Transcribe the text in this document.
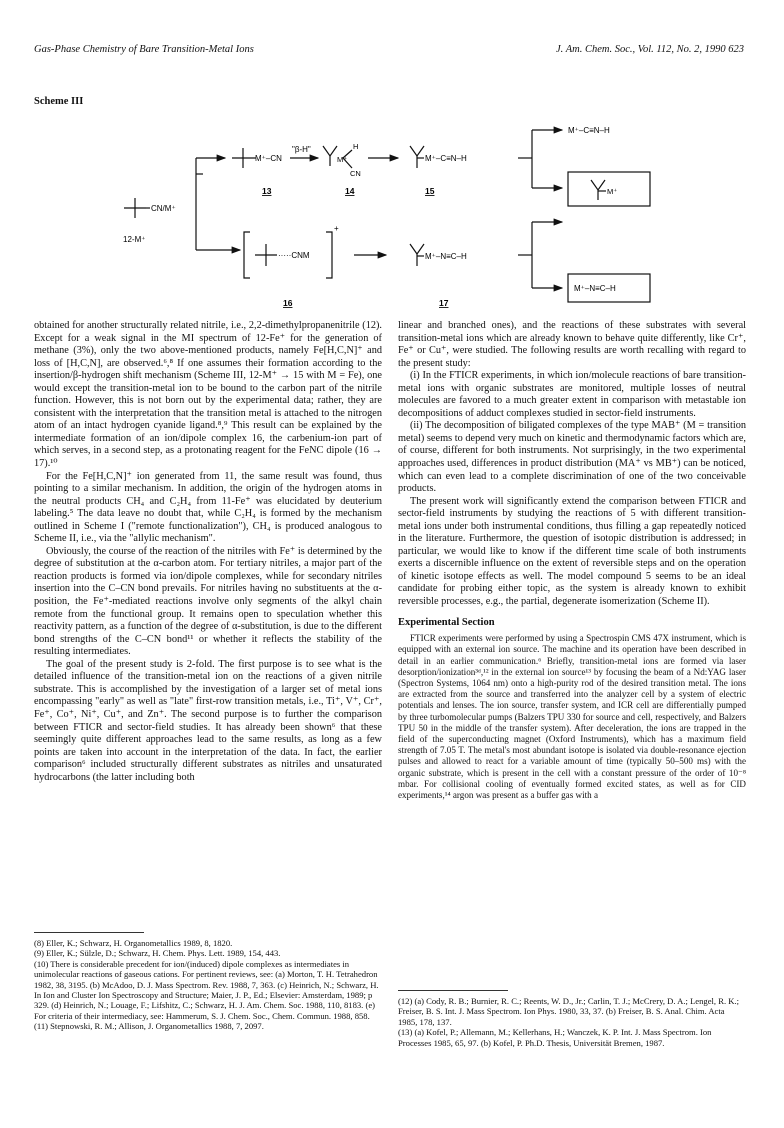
Gas-Phase Chemistry of Bare Transition-Metal Ions	J. Am. Chem. Soc., Vol. 112, No. 2, 1990 623
Scheme III
CN/M⁺
12-M⁺
M⁺–CN
"β-H"
M⁺
H
CN
M⁺–C≡N–H
·····CNM
+
M⁺–N≡C–H
M⁺–C≡N–H
M⁺
M⁺–N≡C–H
13	14	15
16	17

obtained for another structurally related nitrile, i.e., 2,2-dimethylpropanenitrile (12). Except for a weak signal in the MI spectrum of 12-Fe⁺ for the generation of methane (3%), only the two above-mentioned products, namely Fe[H,C,N]⁺ and loss of [H,C,N], are observed.⁶,⁸ If one assumes their formation according to the insertion/β-hydrogen shift mechanism (Scheme III, 12-M⁺ → 15 with M = Fe), one would except the transition-metal ion to be bound to the carbon part of the nitrile function. However, this is not born out by the experimental data; rather, they are consistent with the interpretation that the transition metal is attached to the nitrogen atom of an intact hydrogen cyanide ligand.⁸,⁹ This result can be explained by the intermediate formation of an ion/dipole complex 16, the carbenium-ion part of which serves, in a second step, as a protonating reagent for the FeNC dipole (16 → 17).¹⁰

For the Fe[H,C,N]⁺ ion generated from 11, the same result was found, thus pointing to a similar mechanism. In addition, the origin of the hydrogen atoms in the neutral products CH₄ and C₂H₄ from 11-Fe⁺ was elucidated by deuterium labeling.⁵ The data leave no doubt that, while C₂H₄ is formed by the mechanism outlined in Scheme I ("remote functionalization"), CH₄ is produced analogous to Scheme II, i.e., via the "allylic mechanism".

Obviously, the course of the reaction of the nitriles with Fe⁺ is determined by the degree of substitution at the α-carbon atom. For tertiary nitriles, a major part of the reaction products is formed via ion/dipole complexes, while for secondary nitriles insertion into the C–CN bond prevails. For nitriles having no substituents at the α-position, the Fe⁺-mediated reactions involve only segments of the alkyl chain remote from the functional group. It remains open to speculation whether this reactivity pattern, as a function of the degree of α-substitution, is due to the different bond strengths of the C–CN bond¹¹ or whether it reflects the stability of the resulting intermediates.

The goal of the present study is 2-fold. The first purpose is to see what is the detailed influence of the transition-metal ion on the reactions of a given nitrile substrate. This is accomplished by the investigation of a larger set of metal ions encompassing "early" as well as "late" first-row transition metals, i.e., Ti⁺, V⁺, Cr⁺, Fe⁺, Co⁺, Ni⁺, Cu⁺, and Zn⁺. The second purpose is to further the comparison between FTICR and sector-field studies. It has already been shown⁶ that these seemingly quite different approaches lead to the same results, as long as a few points are taken into account in the interpretation of the data. In fact, the earlier comparison⁶ included structurally different substrates as nitriles and unsaturated hydrocarbons (the latter including both

(8) Eller, K.; Schwarz, H. Organometallics 1989, 8, 1820.

(9) Eller, K.; Sülzle, D.; Schwarz, H. Chem. Phys. Lett. 1989, 154, 443.

(10) There is considerable precedent for ion/(induced) dipole complexes as intermediates in unimolecular reactions of gaseous cations. For pertinent reviews, see: (a) Morton, T. H. Tetrahedron 1982, 38, 3195. (b) McAdoo, D. J. Mass Spectrom. Rev. 1988, 7, 363. (c) Heinrich, N.; Schwarz, H. In Ion and Cluster Ion Spectroscopy and Structure; Maier, J. P., Ed.; Elsevier: Amsterdam, 1989; p 329. (d) Heinrich, N.; Louage, F.; Lifshitz, C.; Schwarz, H. J. Am. Chem. Soc. 1988, 110, 8183. (e) For criteria of their intermediacy, see: Hammerum, S. J. Chem. Soc., Chem. Commun. 1988, 858.

(11) Stepnowski, R. M.; Allison, J. Organometallics 1988, 7, 2097.

linear and branched ones), and the reactions of these substrates with several transition-metal ions which are already known to behave quite differently, like Cr⁺, Fe⁺ or Cu⁺, were studied. The following results are worth recalling with regard to the present study:

(i) In the FTICR experiments, in which ion/molecule reactions of bare transition-metal ions with organic substrates are monitored, multiple losses of neutral molecules are favored to a much greater extent in comparison with metastable ion decompositions of adduct complexes studied in sector-field instruments.

(ii) The decomposition of biligated complexes of the type MAB⁺ (M = transition metal) seems to depend very much on kinetic and thermodynamic factors which are, of course, different for both instruments. Not surprisingly, in the two experimental approaches used, differences in product distribution (MA⁺ vs MB⁺) can be noticed, which can even lead to a complete discrimination of one of the two conceivable products.

The present work will significantly extend the comparison between FTICR and sector-field instruments by studying the reactions of 5 with different transition-metal ions under both instrumental conditions, thus filling a gap repeatedly noticed in the literature. Furthermore, the question of isotopic distribution is addressed; in particular, we would like to know if the different time scale of both instruments exerts a discernible influence on the extent of reversible steps and on the operation of kinetic isotope effects as well. The model compound 5 seems to be an ideal candidate for probing either topic, as the system is already known to exhibit reversible processes, e.g., the partial, degenerate isomerization (Scheme II).

Experimental Section

FTICR experiments were performed by using a Spectrospin CMS 47X instrument, which is equipped with an external ion source. The machine and its operation have been described in detail in an earlier communication.⁶ Briefly, transition-metal ions are formed via laser desorption/ionization³ᵈ,¹² in the external ion source¹³ by focusing the beam of a Nd:YAG laser (Spectron Systems, 1064 nm) onto a high-purity rod of the desired transition metal. The ions are extracted from the source and transferred into the analyzer cell by a system of electric potentials and lenses. The ion source, transfer system, and ICR cell are differentially pumped by three turbomolecular pumps (Balzers TPU 330 for source and cell, respectively, and Balzers TPU 50 in the middle of the transfer system). After deceleration, the ions are trapped in the field of the superconducting magnet (Oxford Instruments), which has a maximum field strength of 7.05 T. The metal's most abundant isotope is isolated via double-resonance ejection pulses and allowed to react for a variable amount of time (typically 50–500 ms) with the organic substrate, which is present in the cell with a constant pressure of the order of 10⁻⁸ mbar. For collisional cooling of eventually formed excited states, as well as for CID experiments,¹⁴ argon was present as a buffer gas with a

(12) (a) Cody, R. B.; Burnier, R. C.; Reents, W. D., Jr.; Carlin, T. J.; McCrery, D. A.; Lengel, R. K.; Freiser, B. S. Int. J. Mass Spectrom. Ion Phys. 1980, 33, 37. (b) Freiser, B. S. Anal. Chim. Acta 1985, 178, 137.

(13) (a) Kofel, P.; Allemann, M.; Kellerhans, H.; Wanczek, K. P. Int. J. Mass Spectrom. Ion Processes 1985, 65, 97. (b) Kofel, P. Ph.D. Thesis, Universität Bremen, 1987.
